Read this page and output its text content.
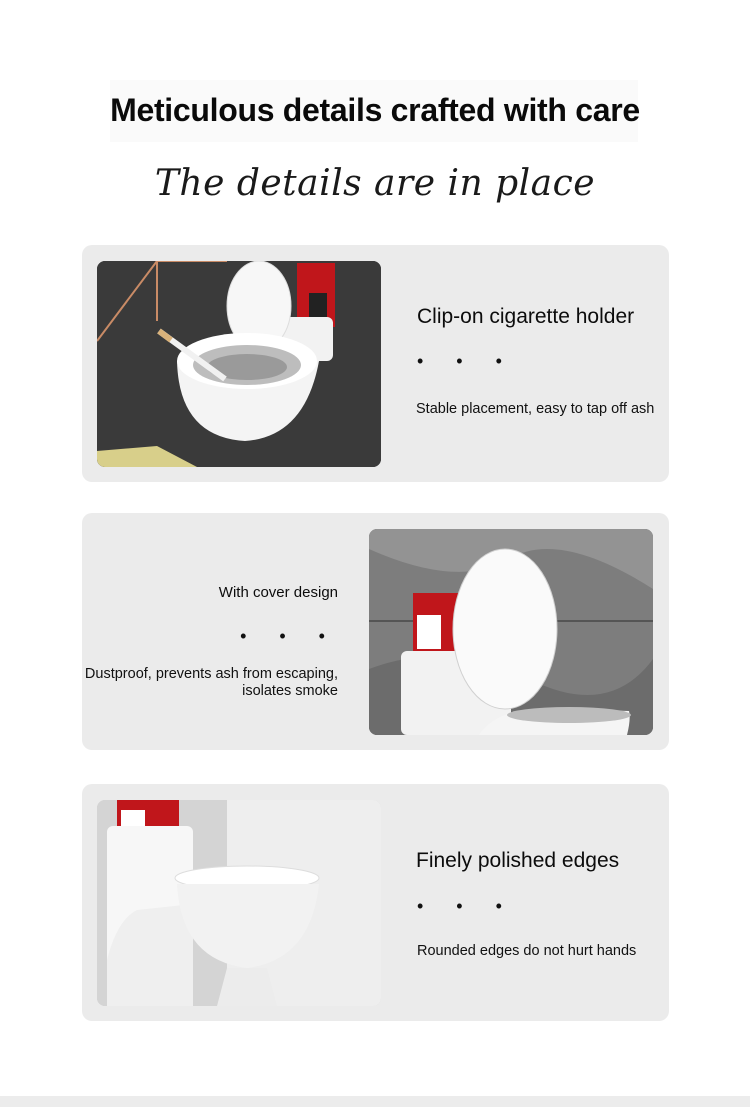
Meticulous details crafted with care
The details are in place
Clip-on cigarette holder
• • •
Stable placement, easy to tap off ash
With cover design
• • •
Dustproof, prevents ash from escaping, isolates smoke
Finely polished edges
• • •
Rounded edges do not hurt hands
